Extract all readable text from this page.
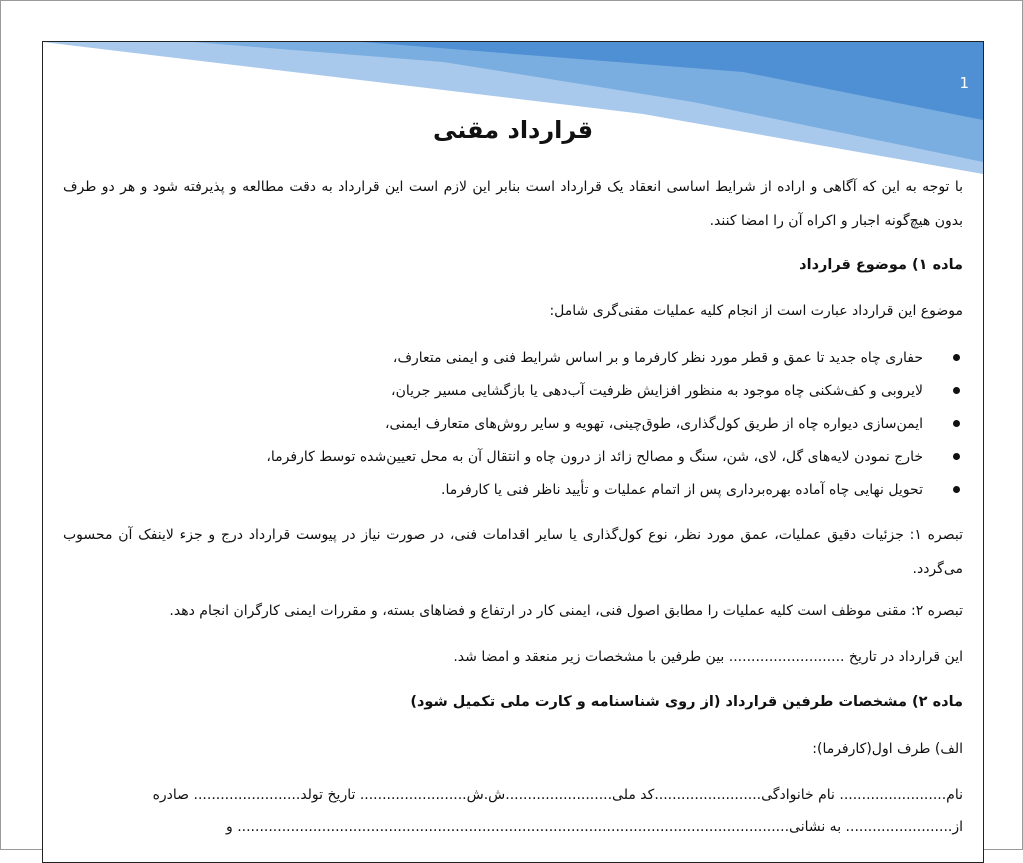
1
قرارداد مقنی
با توجه به این که آگاهی و اراده از شرایط اساسی انعقاد یک قرارداد است بنابر این لازم است این قرارداد به دقت مطالعه و پذیرفته شود و هر دو طرف بدون هیچ‌گونه اجبار و اکراه آن را امضا کنند.
ماده ۱) موضوع قرارداد
موضوع این قرارداد عبارت است از انجام کلیه عملیات مقنی‌گری شامل:
حفاری چاه جدید تا عمق و قطر مورد نظر کارفرما و بر اساس شرایط فنی و ایمنی متعارف،
لایروبی و کف‌شکنی چاه موجود به منظور افزایش ظرفیت آب‌دهی یا بازگشایی مسیر جریان،
ایمن‌سازی دیواره چاه از طریق کول‌گذاری، طوق‌چینی، تهویه و سایر روش‌های متعارف ایمنی،
خارج نمودن لایه‌های گل، لای، شن، سنگ و مصالح زائد از درون چاه و انتقال آن به محل تعیین‌شده توسط کارفرما،
تحویل نهایی چاه آماده بهره‌برداری پس از اتمام عملیات و تأیید ناظر فنی یا کارفرما.
تبصره ۱: جزئیات دقیق عملیات، عمق مورد نظر، نوع کول‌گذاری یا سایر اقدامات فنی، در صورت نیاز در پیوست قرارداد درج و جزء لاینفک آن محسوب می‌گردد.
تبصره ۲: مقنی موظف است کلیه عملیات را مطابق اصول فنی، ایمنی کار در ارتفاع و فضاهای بسته، و مقررات ایمنی کارگران انجام دهد.
این قرارداد در تاریخ .......................... بین طرفین با مشخصات زیر منعقد و امضا شد.
ماده ۲) مشخصات طرفین قرارداد (از روی شناسنامه و کارت ملی تکمیل شود)
الف) طرف اول(کارفرما):
نام........................ نام خانوادگی........................کد ملی........................ش.ش........................ تاریخ تولد........................ صادره
از........................ به نشانی............................................................................................................................ و
